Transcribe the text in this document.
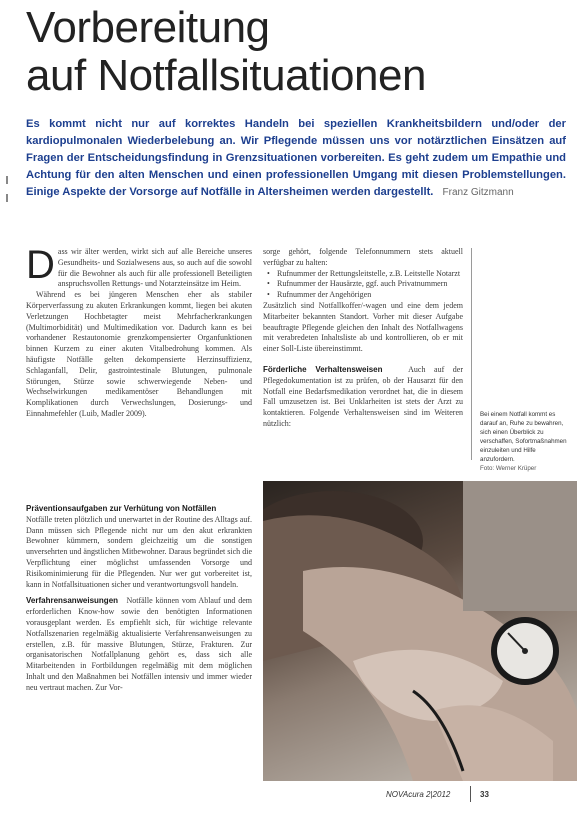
Vorbereitung
auf Notfallsituationen
Es kommt nicht nur auf korrektes Handeln bei speziellen Krankheitsbildern und/oder der kardiopulmonalen Wiederbelebung an. Wir Pflegende müssen uns vor notärztlichen Einsätzen auf Fragen der Entscheidungsfindung in Grenzsituationen vorbereiten. Es geht zudem um Empathie und Achtung für den alten Menschen und einen professionellen Umgang mit diesen Problemstellungen. Einige Aspekte der Vorsorge auf Notfälle in Altersheimen werden dargestellt. Franz Gitzmann

Dass wir älter werden, wirkt sich auf alle Bereiche unseres Gesundheits- und Sozialwesens aus, so auch auf die sowohl für die Bewohner als auch für alle professionell Beteiligten anspruchsvollen Rettungs- und Notarzteinsätze im Heim.

Während es bei jüngeren Menschen eher als stabiler Körperverfassung zu akuten Erkrankungen kommt, liegen bei akuten Verletzungen Hochbetagter meist Mehrfacherkrankungen (Multimorbidität) und Multimedikation vor. Dadurch kann es bei vorhandener Restautonomie grenzkompensierter Organfunktionen binnen Kurzem zu einer akuten Vitalbedrohung kommen. Als häufigste Notfälle gelten dekompensierte Herzinsuffizienz, Schlaganfall, Delir, gastrointestinale Blutungen, pulmonale Störungen, Stürze sowie schwerwiegende Neben- und Wechselwirkungen medikamentöser Behandlungen mit Komplikationen durch Verwechslungen, Dosierungs- und Einnahmefehler (Luib, Madler 2009).

Präventionsaufgaben zur Verhütung von Notfällen

Notfälle treten plötzlich und unerwartet in der Routine des Alltags auf. Dann müssen sich Pflegende nicht nur um den akut erkrankten Bewohner kümmern, sondern gleichzeitig um die sonstigen unversehrten und ängstlichen Mitbewohner. Daraus begründet sich die Verpflichtung einer möglichst umfassenden Vorsorge und Risikominimierung für die Pflegenden. Nur wer gut vorbereitet ist, kann in Notfallsituationen sicher und verantwortungsvoll handeln.

Verfahrensanweisungen Notfälle können vom Ablauf und dem erforderlichen Know-how sowie den benötigten Informationen vorausgeplant werden. Es empfiehlt sich, für wichtige relevante Notfallszenarien regelmäßig aktualisierte Verfahrensanweisungen zu erstellen, z.B. für massive Blutungen, Stürze, Frakturen. Zur organisatorischen Notfallplanung gehört es, dass sich alle Mitarbeitenden in Fortbildungen regelmäßig mit dem möglichen Inhalt und den Maßnahmen bei Notfällen intensiv und immer wieder neu vertraut machen. Zur Vor-

sorge gehört, folgende Telefonnummern stets aktuell verfügbar zu halten:

• Rufnummer der Rettungsleitstelle, z.B. Leitstelle Notarzt
• Rufnummer der Hausärzte, ggf. auch Privatnummern
• Rufnummer der Angehörigen

Zusätzlich sind Notfallkoffer/-wagen und eine dem jedem Mitarbeiter bekannten Standort. Vorher mit dieser Aufgabe beauftragte Pflegende gleichen den Inhalt des Notfallwagens mit verabredeten Inhaltsliste ab und kontrollieren, ob er mit einer Soll-Liste übereinstimmt.

Förderliche Verhaltensweisen	Auch auf der Pflegedokumentation ist zu prüfen, ob der Hausarzt für den Notfall eine Bedarfsmedikation verordnet hat, die in diesem Fall umzusetzen ist. Bei Unklarheiten ist stets der Arzt zu kontaktieren. Folgende Verhaltensweisen sind im Weiteren nützlich:

Bei einem Notfall kommt es darauf an, Ruhe zu bewahren, sich einen Überblick zu verschaffen, Sofortmaßnahmen einzuleiten und Hilfe anzufordern.
Foto: Werner Krüper
NOVAcura 2|2012	33
